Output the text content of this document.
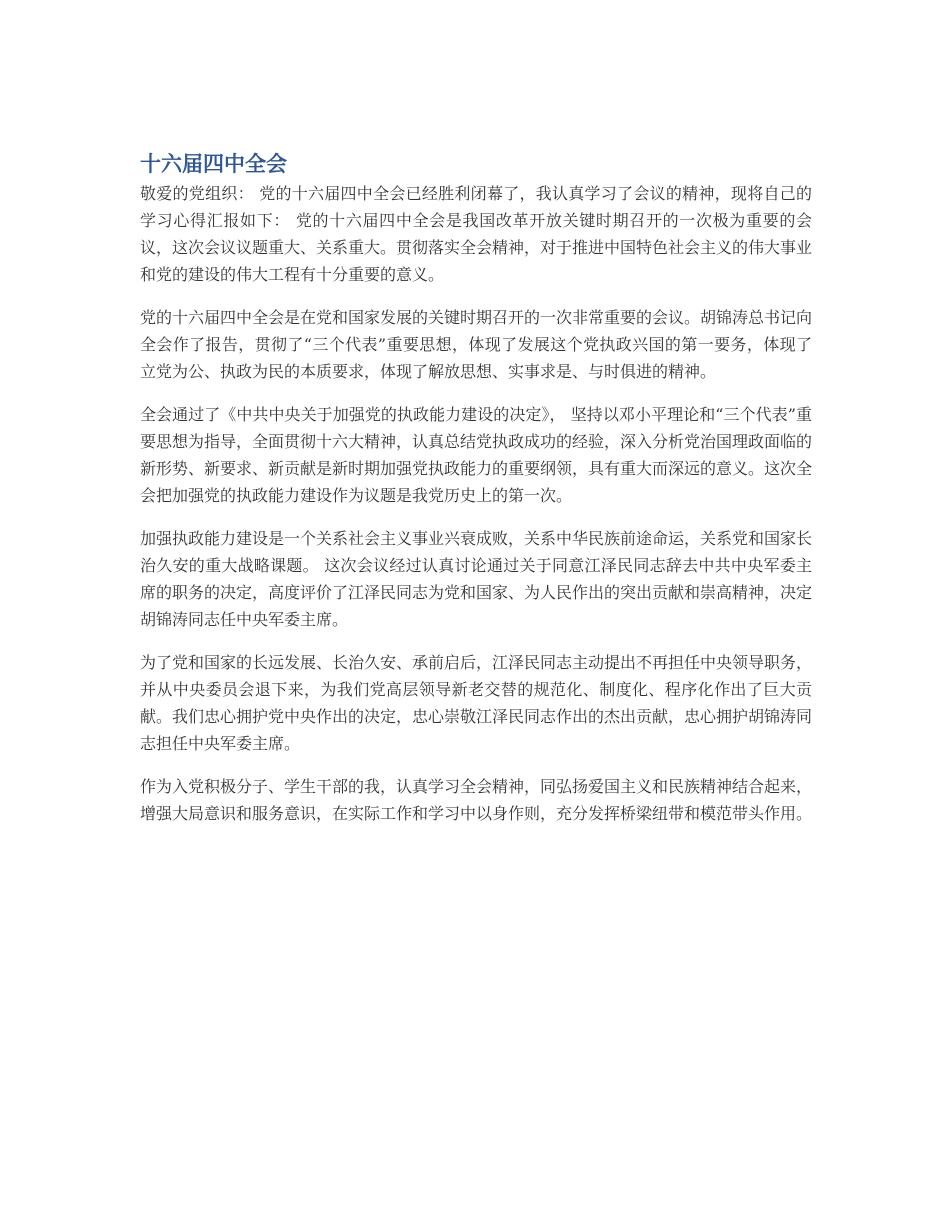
十六届四中全会

敬爱的党组织： 党的十六届四中全会已经胜利闭幕了，我认真学习了会议的精神，现将自己的学习心得汇报如下： 党的十六届四中全会是我国改革开放关键时期召开的一次极为重要的会议，这次会议议题重大、关系重大。贯彻落实全会精神，对于推进中国特色社会主义的伟大事业和党的建设的伟大工程有十分重要的意义。

党的十六届四中全会是在党和国家发展的关键时期召开的一次非常重要的会议。胡锦涛总书记向全会作了报告，贯彻了“三个代表”重要思想，体现了发展这个党执政兴国的第一要务，体现了立党为公、执政为民的本质要求，体现了解放思想、实事求是、与时俱进的精神。

全会通过了《中共中央关于加强党的执政能力建设的决定》， 坚持以邓小平理论和“三个代表”重要思想为指导，全面贯彻十六大精神，认真总结党执政成功的经验，深入分析党治国理政面临的新形势、新要求、新贡献是新时期加强党执政能力的重要纲领，具有重大而深远的意义。这次全会把加强党的执政能力建设作为议题是我党历史上的第一次。

加强执政能力建设是一个关系社会主义事业兴衰成败，关系中华民族前途命运，关系党和国家长治久安的重大战略课题。 这次会议经过认真讨论通过关于同意江泽民同志辞去中共中央军委主席的职务的决定，高度评价了江泽民同志为党和国家、为人民作出的突出贡献和崇高精神，决定胡锦涛同志任中央军委主席。

为了党和国家的长远发展、长治久安、承前启后，江泽民同志主动提出不再担任中央领导职务，并从中央委员会退下来，为我们党高层领导新老交替的规范化、制度化、程序化作出了巨大贡献。我们忠心拥护党中央作出的决定，忠心崇敬江泽民同志作出的杰出贡献，忠心拥护胡锦涛同志担任中央军委主席。

作为入党积极分子、学生干部的我，认真学习全会精神，同弘扬爱国主义和民族精神结合起来，增强大局意识和服务意识，在实际工作和学习中以身作则，充分发挥桥梁纽带和模范带头作用。
